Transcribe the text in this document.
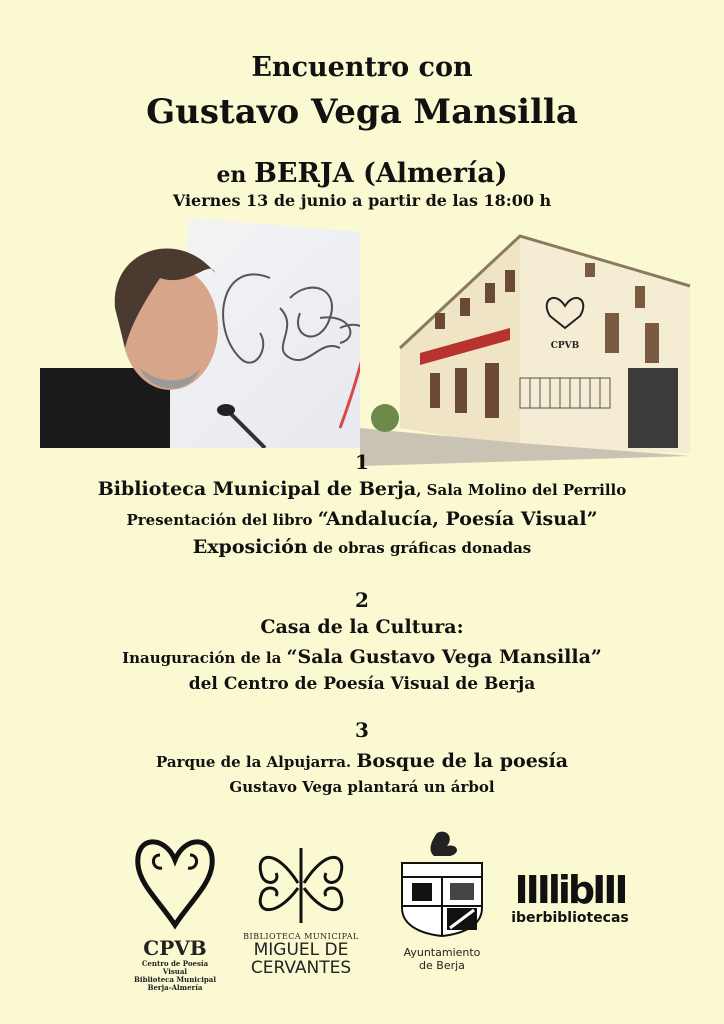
Encuentro con
Gustavo Vega Mansilla
en BERJA (Almería)
Viernes 13 de junio a partir de las 18:00 h
CPVB
1
Biblioteca Municipal de Berja, Sala Molino del Perrillo
Presentación del libro “Andalucía, Poesía Visual”
Exposición de obras gráficas donadas
2
Casa de la Cultura:
Inauguración de la “Sala Gustavo Vega Mansilla”
del Centro de Poesía Visual de Berja
3
Parque de la Alpujarra. Bosque de la poesía
Gustavo Vega plantará un árbol
CPVB
Centro de Poesía Visual
Biblioteca Municipal
Berja-Almería
BIBLIOTECA MUNICIPAL
MIGUEL DE
CERVANTES
Ayuntamiento
de Berja
IIIlibIII
iberbibliotecas
